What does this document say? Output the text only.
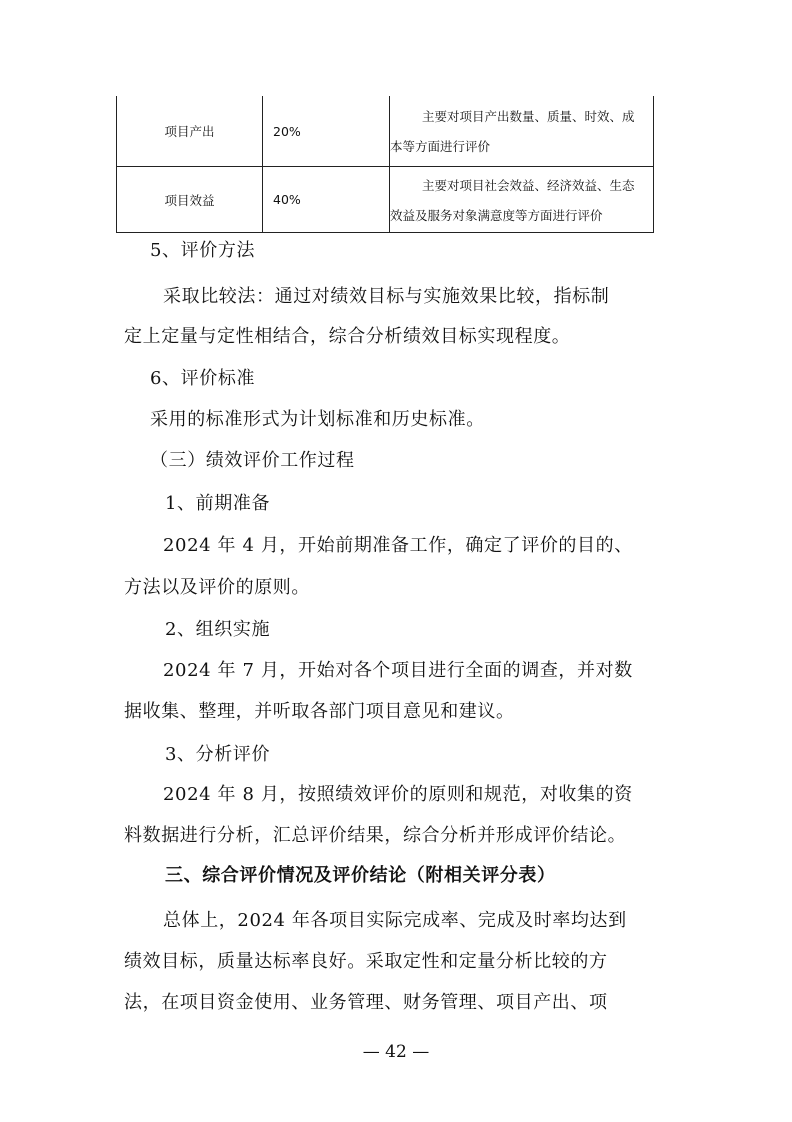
项目产出	20%	主要对项目产出数量、质量、时效、成
本等方面进行评价
项目效益	40%	主要对项目社会效益、经济效益、生态
效益及服务对象满意度等方面进行评价
5、评价方法
采取比较法：通过对绩效目标与实施效果比较，指标制
定上定量与定性相结合，综合分析绩效目标实现程度。
6、评价标准
采用的标准形式为计划标准和历史标准。
（三）绩效评价工作过程
1、前期准备
2024 年 4 月，开始前期准备工作，确定了评价的目的、
方法以及评价的原则。
2、组织实施
2024 年 7 月，开始对各个项目进行全面的调查，并对数
据收集、整理，并听取各部门项目意见和建议。
3、分析评价
2024 年 8 月，按照绩效评价的原则和规范，对收集的资
料数据进行分析，汇总评价结果，综合分析并形成评价结论。
三、综合评价情况及评价结论（附相关评分表）
总体上，2024 年各项目实际完成率、完成及时率均达到
绩效目标，质量达标率良好。采取定性和定量分析比较的方
法，在项目资金使用、业务管理、财务管理、项目产出、项
— 42 —
